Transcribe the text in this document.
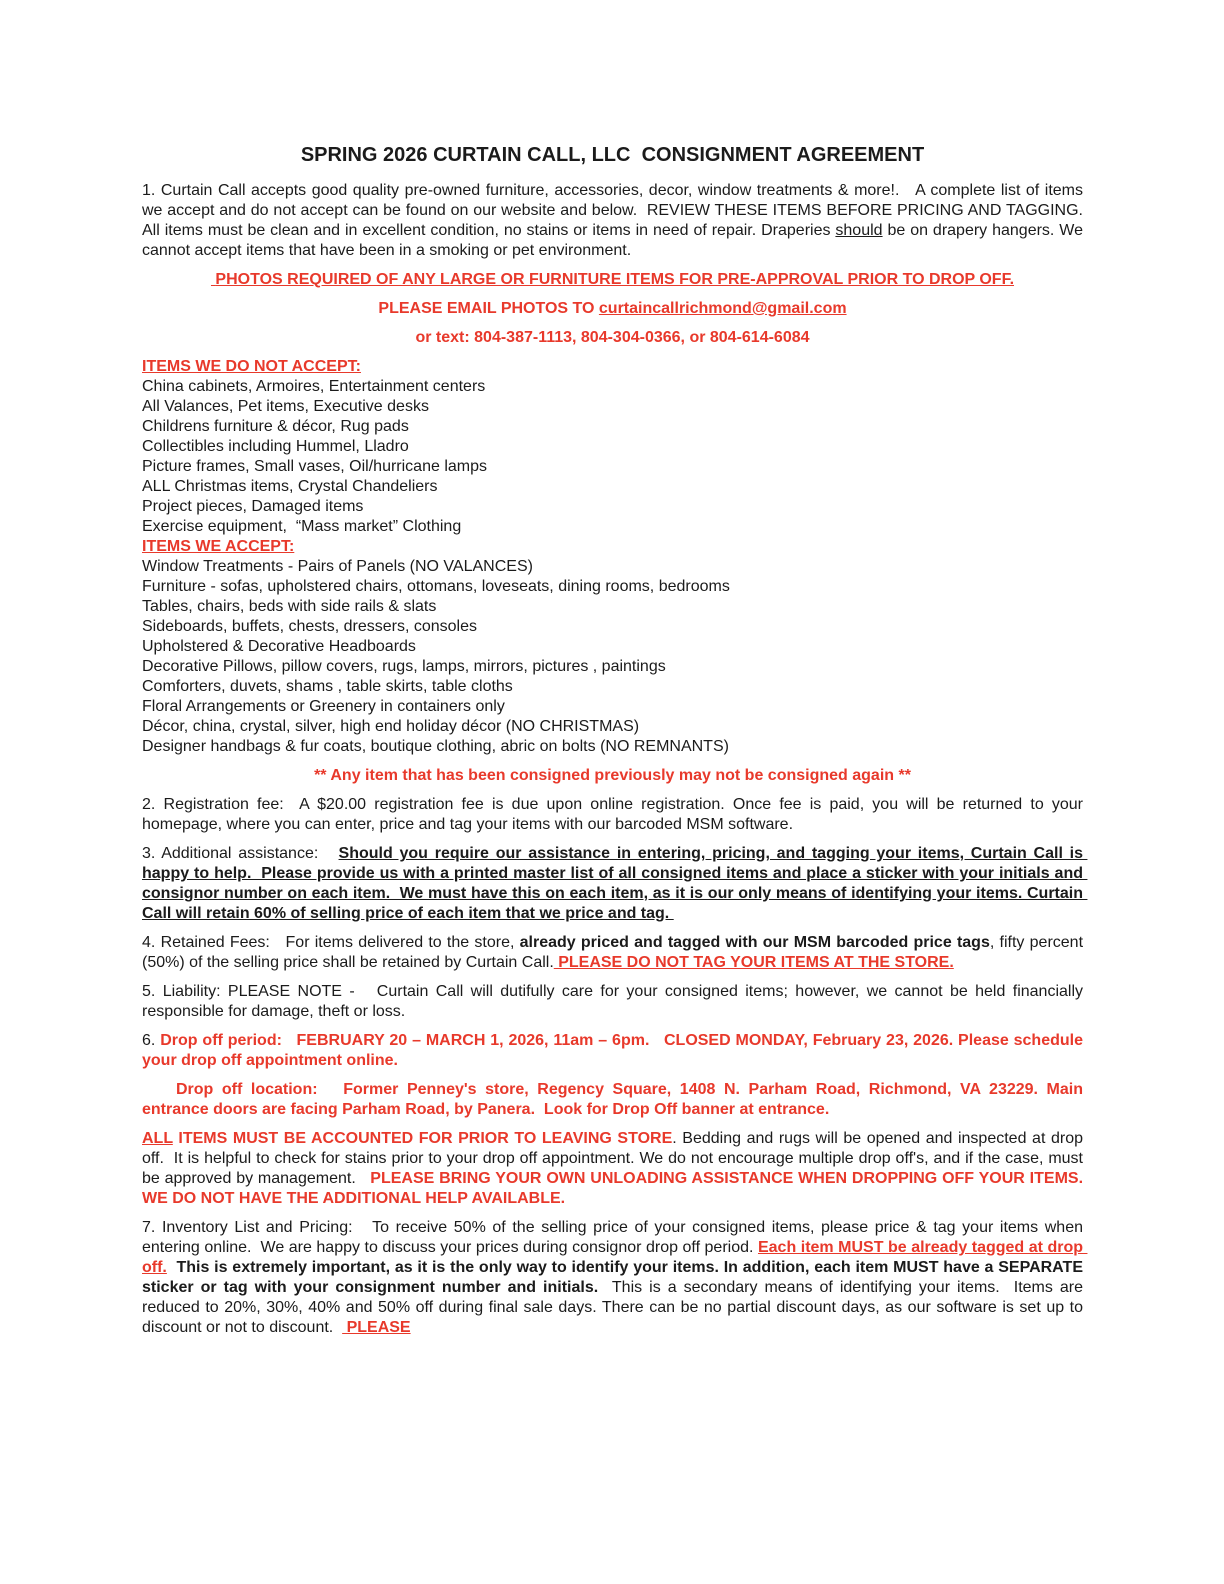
SPRING 2026 CURTAIN CALL, LLC  CONSIGNMENT AGREEMENT
1. Curtain Call accepts good quality pre-owned furniture, accessories, decor, window treatments & more!.   A complete list of items we accept and do not accept can be found on our website and below.  REVIEW THESE ITEMS BEFORE PRICING AND TAGGING.   All items must be clean and in excellent condition, no stains or items in need of repair. Draperies should be on drapery hangers. We cannot accept items that have been in a smoking or pet environment.
PHOTOS REQUIRED OF ANY LARGE OR FURNITURE ITEMS FOR PRE-APPROVAL PRIOR TO DROP OFF.
PLEASE EMAIL PHOTOS TO curtaincallrichmond@gmail.com
or text: 804-387-1113, 804-304-0366, or 804-614-6084
ITEMS WE DO NOT ACCEPT:
China cabinets, Armoires, Entertainment centers
All Valances, Pet items, Executive desks
Childrens furniture & décor, Rug pads
Collectibles including Hummel, Lladro
Picture frames, Small vases, Oil/hurricane lamps
ALL Christmas items, Crystal Chandeliers
Project pieces, Damaged items
Exercise equipment,  “Mass market” Clothing
ITEMS WE ACCEPT:
Window Treatments - Pairs of Panels (NO VALANCES)
Furniture - sofas, upholstered chairs, ottomans, loveseats, dining rooms, bedrooms
Tables, chairs, beds with side rails & slats
Sideboards, buffets, chests, dressers, consoles
Upholstered & Decorative Headboards
Decorative Pillows, pillow covers, rugs, lamps, mirrors, pictures , paintings
Comforters, duvets, shams , table skirts, table cloths
Floral Arrangements or Greenery in containers only
Décor, china, crystal, silver, high end holiday décor (NO CHRISTMAS)
Designer handbags & fur coats, boutique clothing, abric on bolts (NO REMNANTS)
** Any item that has been consigned previously may not be consigned again **
2. Registration fee:  A $20.00 registration fee is due upon online registration. Once fee is paid, you will be returned to your homepage, where you can enter, price and tag your items with our barcoded MSM software.
3. Additional assistance:   Should you require our assistance in entering, pricing, and tagging your items, Curtain Call is happy to help.  Please provide us with a printed master list of all consigned items and place a sticker with your initials and consignor number on each item.  We must have this on each item, as it is our only means of identifying your items. Curtain Call will retain 60% of selling price of each item that we price and tag.
4. Retained Fees:   For items delivered to the store, already priced and tagged with our MSM barcoded price tags, fifty percent (50%) of the selling price shall be retained by Curtain Call. PLEASE DO NOT TAG YOUR ITEMS AT THE STORE.
5. Liability: PLEASE NOTE -   Curtain Call will dutifully care for your consigned items; however, we cannot be held financially responsible for damage, theft or loss.
6. Drop off period:   FEBRUARY 20 – MARCH 1, 2026, 11am – 6pm.   CLOSED MONDAY, February 23, 2026. Please schedule your drop off appointment online.
Drop off location:   Former Penney's store, Regency Square, 1408 N. Parham Road, Richmond, VA 23229. Main entrance doors are facing Parham Road, by Panera.  Look for Drop Off banner at entrance.
ALL ITEMS MUST BE ACCOUNTED FOR PRIOR TO LEAVING STORE. Bedding and rugs will be opened and inspected at drop off.  It is helpful to check for stains prior to your drop off appointment. We do not encourage multiple drop off's, and if the case, must be approved by management.   PLEASE BRING YOUR OWN UNLOADING ASSISTANCE WHEN DROPPING OFF YOUR ITEMS.  WE DO NOT HAVE THE ADDITIONAL HELP AVAILABLE.
7. Inventory List and Pricing:   To receive 50% of the selling price of your consigned items, please price & tag your items when entering online.  We are happy to discuss your prices during consignor drop off period. Each item MUST be already tagged at drop off.  This is extremely important, as it is the only way to identify your items. In addition, each item MUST have a SEPARATE sticker or tag with your consignment number and initials.  This is a secondary means of identifying your items.  Items are reduced to 20%, 30%, 40% and 50% off during final sale days. There can be no partial discount days, as our software is set up to discount or not to discount.   PLEASE
